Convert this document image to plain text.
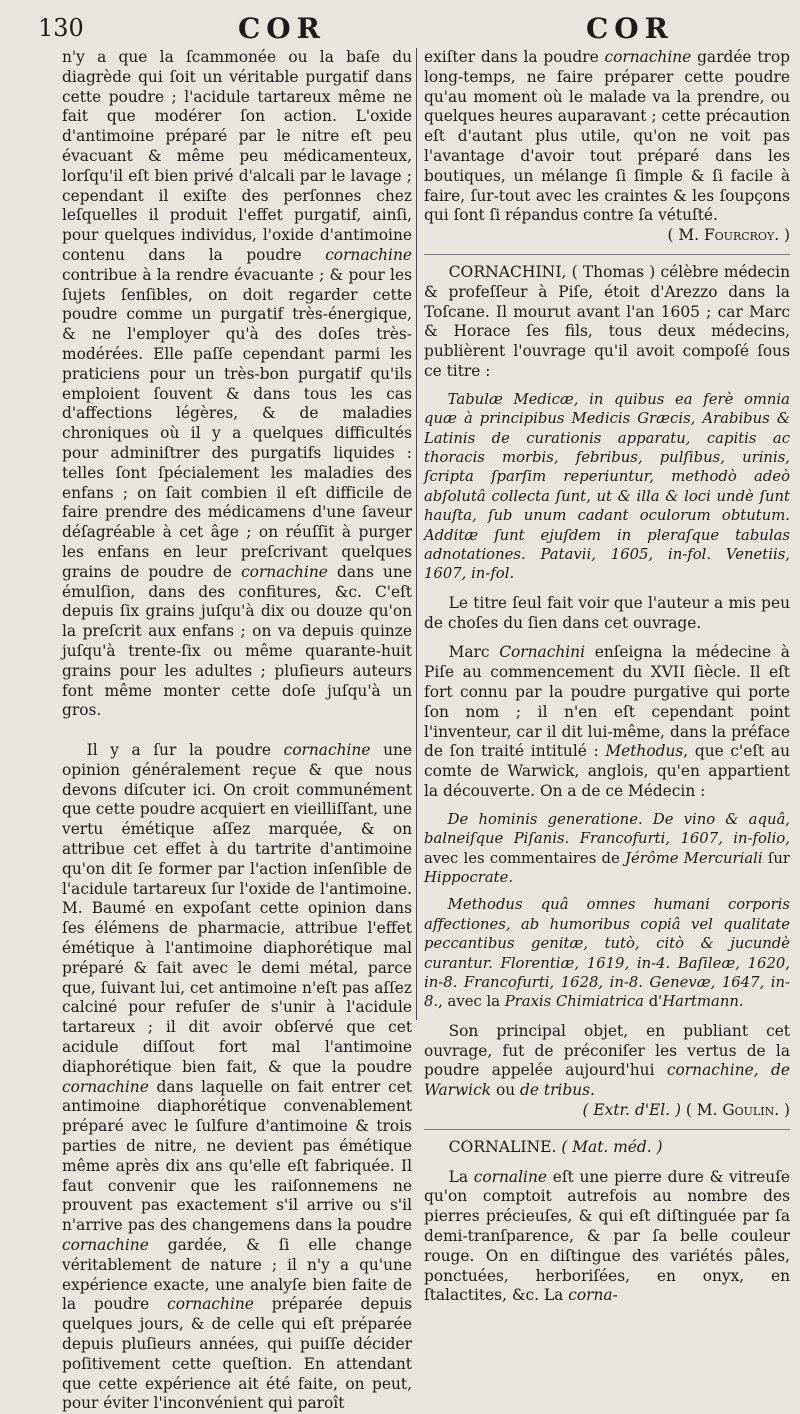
130	COR	COR

n'y a que la ſcammonée ou la baſe du diagrède qui ſoit un véritable purgatif dans cette poudre ; l'acidule tartareux même ne fait que modérer ſon action. L'oxide d'antimoine préparé par le nitre eſt peu évacuant & même peu médicamenteux, lorſqu'il eſt bien privé d'alcali par le lavage ; cependant il exiſte des perſonnes chez leſquelles il produit l'effet purgatif, ainſi, pour quelques individus, l'oxide d'antimoine contenu dans la poudre cornachine contribue à la rendre évacuante ; & pour les ſujets ſenſibles, on doit regarder cette poudre comme un purgatif très-énergique, & ne l'employer qu'à des doſes très-modérées. Elle paſſe cependant parmi les praticiens pour un très-bon purgatif qu'ils emploient ſouvent & dans tous les cas d'affections légères, & de maladies chroniques où il y a quelques difficultés pour adminiſtrer des purgatifs liquides : telles ſont ſpécialement les maladies des enfans ; on ſait combien il eſt difficile de faire prendre des médicamens d'une ſaveur déſagréable à cet âge ; on réuſſit à purger les enfans en leur preſcrivant quelques grains de poudre de cornachine dans une émulſion, dans des confitures, &c. C'eſt depuis ſix grains juſqu'à dix ou douze qu'on la preſcrit aux enfans ; on va depuis quinze juſqu'à trente-ſix ou même quarante-huit grains pour les adultes ; pluſieurs auteurs font même monter cette doſe juſqu'à un gros.

Il y a ſur la poudre cornachine une opinion généralement reçue & que nous devons diſcuter ici. On croit communément que cette poudre acquiert en vieilliſſant, une vertu émétique aſſez marquée, & on attribue cet effet à du tartrite d'antimoine qu'on dit ſe former par l'action inſenſible de l'acidule tartareux ſur l'oxide de l'antimoine. M. Baumé en expoſant cette opinion dans ſes élémens de pharmacie, attribue l'effet émétique à l'antimoine diaphorétique mal préparé & fait avec le demi métal, parce que, ſuivant lui, cet antimoine n'eſt pas aſſez calciné pour refuſer de s'unir à l'acidule tartareux ; il dit avoir obſervé que cet acidule diſſout fort mal l'antimoine diaphorétique bien fait, & que la poudre cornachine dans laquelle on fait entrer cet antimoine diaphorétique convenablement préparé avec le ſulfure d'antimoine & trois parties de nitre, ne devient pas émétique même après dix ans qu'elle eſt fabriquée. Il faut convenir que les raiſonnemens ne prouvent pas exactement s'il arrive ou s'il n'arrive pas des changemens dans la poudre cornachine gardée, & ſi elle change véritablement de nature ; il n'y a qu'une expérience exacte, une analyſe bien faite de la poudre cornachine préparée depuis quelques jours, & de celle qui eſt préparée depuis pluſieurs années, qui puiſſe décider poſitivement cette queſtion. En attendant que cette expérience ait été faite, on peut, pour éviter l'inconvénient qui paroît

exiſter dans la poudre cornachine gardée trop long-temps, ne faire préparer cette poudre qu'au moment où le malade va la prendre, ou quelques heures auparavant ; cette précaution eſt d'autant plus utile, qu'on ne voit pas l'avantage d'avoir tout préparé dans les boutiques, un mélange ſi ſimple & ſi facile à faire, ſur-tout avec les craintes & les ſoupçons qui ſont ſi répandus contre ſa vétuſté.

( M. Fourcroy. )

CORNACHINI, ( Thomas ) célèbre médecin & profeſſeur à Piſe, étoit d'Arezzo dans la Toſcane. Il mourut avant l'an 1605 ; car Marc & Horace ſes fils, tous deux médecins, publièrent l'ouvrage qu'il avoit compoſé ſous ce titre :

Tabulæ Medicæ, in quibus ea ferè omnia quæ à principibus Medicis Græcis, Arabibus & Latinis de curationis apparatu, capitis ac thoracis morbis, febribus, pulſibus, urinis, ſcripta ſparſim reperiuntur, methodò adeò abſolutâ collecta ſunt, ut & illa & loci undè ſunt hauſta, ſub unum cadant oculorum obtutum. Additæ ſunt ejuſdem in pleraſque tabulas adnotationes. Patavii, 1605, in-fol. Venetiis, 1607, in-fol.

Le titre ſeul fait voir que l'auteur a mis peu de choſes du ſien dans cet ouvrage.

Marc Cornachini enſeigna la médecine à Piſe au commencement du XVII ſiècle. Il eſt fort connu par la poudre purgative qui porte ſon nom ; il n'en eſt cependant point l'inventeur, car il dit lui-même, dans la préface de ſon traité intitulé : Methodus, que c'eſt au comte de Warwick, anglois, qu'en appartient la découverte. On a de ce Médecin :

De hominis generatione. De vino & aquâ, balneiſque Piſanis. Francofurti, 1607, in-folio, avec les commentaires de Jérôme Mercuriali ſur Hippocrate.

Methodus quâ omnes humani corporis affectiones, ab humoribus copiâ vel qualitate peccantibus genitæ, tutò, citò & jucundè curantur. Florentiæ, 1619, in-4. Baſileæ, 1620, in-8. Francofurti, 1628, in-8. Genevæ, 1647, in-8., avec la Praxis Chimiatrica d'Hartmann.

Son principal objet, en publiant cet ouvrage, fut de préconiſer les vertus de la poudre appelée aujourd'hui cornachine, de Warwick ou de tribus.

( Extr. d'El. ) ( M. Goulin. )

CORNALINE. ( Mat. méd. )

La cornaline eſt une pierre dure & vitreuſe qu'on comptoit autrefois au nombre des pierres précieuſes, & qui eſt diſtinguée par ſa demi-tranſparence, & par ſa belle couleur rouge. On en diſtingue des variétés pâles, ponctuées, herboriſées, en onyx, en ſtalactites, &c. La corna-
